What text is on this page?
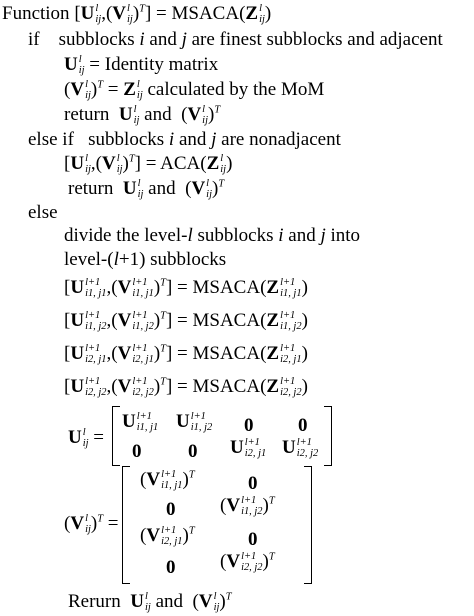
Function [U l
ij ,(V l
ij )$^T$] = MSACA(Z l
ij )
if subblocks i and j are finest subblocks and adjacent
U l
ij = Identity matrix
(V l
ij )$^T$ = Z l
ij calculated by the MoM
return U l
ij and  (V l
ij )$^T$
else if subblocks i and j are nonadjacent
[U l
ij ,(V l
ij )$^T$] = ACA(Z l
ij )
return U l
ij and  (V l
ij )$^T$
else
divide the level-l subblocks i and j into
level-(l+1) subblocks
[U l+1
i1, j1 ,(V l+1
i1, j1 )$^T$] = MSACA(Z l+1
i1, j1 )
[U l+1
i1, j2 ,(V l+1
i1, j2 )$^T$] = MSACA(Z l+1
i1, j2 )
[U l+1
i2, j1 ,(V l+1
i2, j1 )$^T$] = MSACA(Z l+1
i2, j1 )
[U l+1
i2, j2 ,(V l+1
i2, j2 )$^T$] = MSACA(Z l+1
i2, j2 )
U l
ij =
U l+1
i1, j1 U l+1
i1, j2 0 0
0 0 U l+1
i2, j1 U l+1
i2, j2
(V l
ij )$^T$ =
(V l+1
i1, j1 )$^T$	0
0 (V l+1
i1, j2 )$^T$
(V l+1
i2, j1 )$^T$	0
0 (V l+1
i2, j2 )$^T$
Rerurn U l
ij and  (V l
ij )$^T$
